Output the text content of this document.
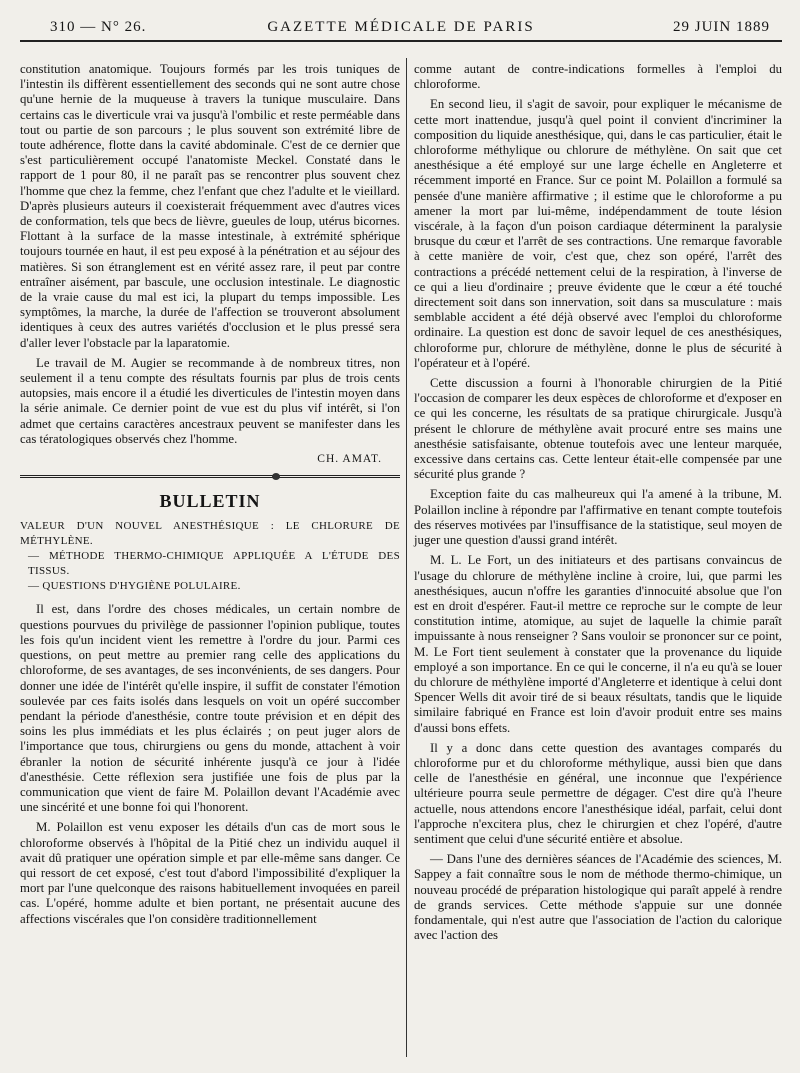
310 — N° 26.	GAZETTE MÉDICALE DE PARIS	29 JUIN 1889

constitution anatomique. Toujours formés par les trois tuniques de l'intestin ils diffèrent essentiellement des seconds qui ne sont autre chose qu'une hernie de la muqueuse à travers la tunique musculaire. Dans certains cas le diverticule vrai va jusqu'à l'ombilic et reste perméable dans tout ou partie de son parcours ; le plus souvent son extrémité libre de toute adhérence, flotte dans la cavité abdominale. C'est de ce dernier que s'est particulièrement occupé l'anatomiste Meckel. Constaté dans le rapport de 1 pour 80, il ne paraît pas se rencontrer plus souvent chez l'homme que chez la femme, chez l'enfant que chez l'adulte et le vieillard. D'après plusieurs auteurs il coexisterait fréquemment avec d'autres vices de conformation, tels que becs de lièvre, gueules de loup, utérus bicornes. Flottant à la surface de la masse intestinale, à extrémité sphérique toujours tournée en haut, il est peu exposé à la pénétration et au séjour des matières. Si son étranglement est en vérité assez rare, il peut par contre entraîner aisément, par bascule, une occlusion intestinale. Le diagnostic de la vraie cause du mal est ici, la plupart du temps impossible. Les symptômes, la marche, la durée de l'affection se trouveront absolument identiques à ceux des autres variétés d'occlusion et le plus pressé sera d'aller lever l'obstacle par la laparatomie.

Le travail de M. Augier se recommande à de nombreux titres, non seulement il a tenu compte des résultats fournis par plus de trois cents autopsies, mais encore il a étudié les diverticules de l'intestin moyen dans la série animale. Ce dernier point de vue est du plus vif intérêt, si l'on admet que certains caractères ancestraux peuvent se manifester dans les cas tératologiques observés chez l'homme.

CH. AMAT.
BULLETIN
VALEUR D'UN NOUVEL ANESTHÉSIQUE : LE CHLORURE DE MÉTHYLÈNE.
— MÉTHODE THERMO-CHIMIQUE APPLIQUÉE A L'ÉTUDE DES TISSUS.
— QUESTIONS D'HYGIÈNE POLULAIRE.

Il est, dans l'ordre des choses médicales, un certain nombre de questions pourvues du privilège de passionner l'opinion publique, toutes les fois qu'un incident vient les remettre à l'ordre du jour. Parmi ces questions, on peut mettre au premier rang celle des applications du chloroforme, de ses avantages, de ses inconvénients, de ses dangers. Pour donner une idée de l'intérêt qu'elle inspire, il suffit de constater l'émotion soulevée par ces faits isolés dans lesquels on voit un opéré succomber pendant la période d'anesthésie, contre toute prévision et en dépit des soins les plus immédiats et les plus éclairés ; on peut juger alors de l'importance que tous, chirurgiens ou gens du monde, attachent à voir ébranler la notion de sécurité inhérente jusqu'à ce jour à l'idée d'anesthésie. Cette réflexion sera justifiée une fois de plus par la communication que vient de faire M. Polaillon devant l'Académie avec une sincérité et une bonne foi qui l'honorent.

M. Polaillon est venu exposer les détails d'un cas de mort sous le chloroforme observés à l'hôpital de la Pitié chez un individu auquel il avait dû pratiquer une opération simple et par elle-même sans danger. Ce qui ressort de cet exposé, c'est tout d'abord l'impossibilité d'expliquer la mort par l'une quelconque des raisons habituellement invoquées en pareil cas. L'opéré, homme adulte et bien portant, ne présentait aucune des affections viscérales que l'on considère traditionnellement

comme autant de contre-indications formelles à l'emploi du chloroforme.

En second lieu, il s'agit de savoir, pour expliquer le mécanisme de cette mort inattendue, jusqu'à quel point il convient d'incriminer la composition du liquide anesthésique, qui, dans le cas particulier, était le chloroforme méthylique ou chlorure de méthylène. On sait que cet anesthésique a été employé sur une large échelle en Angleterre et récemment importé en France. Sur ce point M. Polaillon a formulé sa pensée d'une manière affirmative ; il estime que le chloroforme a pu amener la mort par lui-même, indépendamment de toute lésion viscérale, à la façon d'un poison cardiaque déterminent la paralysie brusque du cœur et l'arrêt de ses contractions. Une remarque favorable à cette manière de voir, c'est que, chez son opéré, l'arrêt des contractions a précédé nettement celui de la respiration, à l'inverse de ce qui a lieu d'ordinaire ; preuve évidente que le cœur a été touché directement soit dans son innervation, soit dans sa musculature : mais semblable accident a été déjà observé avec l'emploi du chloroforme ordinaire. La question est donc de savoir lequel de ces anesthésiques, chloroforme pur, chlorure de méthylène, donne le plus de sécurité à l'opérateur et à l'opéré.

Cette discussion a fourni à l'honorable chirurgien de la Pitié l'occasion de comparer les deux espèces de chloroforme et d'exposer en ce qui les concerne, les résultats de sa pratique chirurgicale. Jusqu'à présent le chlorure de méthylène avait procuré entre ses mains une anesthésie satisfaisante, obtenue toutefois avec une lenteur marquée, excessive dans certains cas. Cette lenteur était-elle compensée par une sécurité plus grande ?

Exception faite du cas malheureux qui l'a amené à la tribune, M. Polaillon incline à répondre par l'affirmative en tenant compte toutefois des réserves motivées par l'insuffisance de la statistique, seul moyen de juger une question d'aussi grand intérêt.

M. L. Le Fort, un des initiateurs et des partisans convaincus de l'usage du chlorure de méthylène incline à croire, lui, que parmi les anesthésiques, aucun n'offre les garanties d'innocuité absolue que l'on est en droit d'espérer. Faut-il mettre ce reproche sur le compte de leur constitution intime, atomique, au sujet de laquelle la chimie paraît impuissante à nous renseigner ? Sans vouloir se prononcer sur ce point, M. Le Fort tient seulement à constater que la provenance du liquide employé a son importance. En ce qui le concerne, il n'a eu qu'à se louer du chlorure de méthylène importé d'Angleterre et identique à celui dont Spencer Wells dit avoir tiré de si beaux résultats, tandis que le liquide similaire fabriqué en France est loin d'avoir produit entre ses mains d'aussi bons effets.

Il y a donc dans cette question des avantages comparés du chloroforme pur et du chloroforme méthylique, aussi bien que dans celle de l'anesthésie en général, une inconnue que l'expérience ultérieure pourra seule permettre de dégager. C'est dire qu'à l'heure actuelle, nous attendons encore l'anesthésique idéal, parfait, celui dont l'approche n'excitera plus, chez le chirurgien et chez l'opéré, d'autre sentiment que celui d'une sécurité entière et absolue.

— Dans l'une des dernières séances de l'Académie des sciences, M. Sappey a fait connaître sous le nom de méthode thermo-chimique, un nouveau procédé de préparation histologique qui paraît appelé à rendre de grands services. Cette méthode s'appuie sur une donnée fondamentale, qui n'est autre que l'association de l'action du calorique avec l'action des
